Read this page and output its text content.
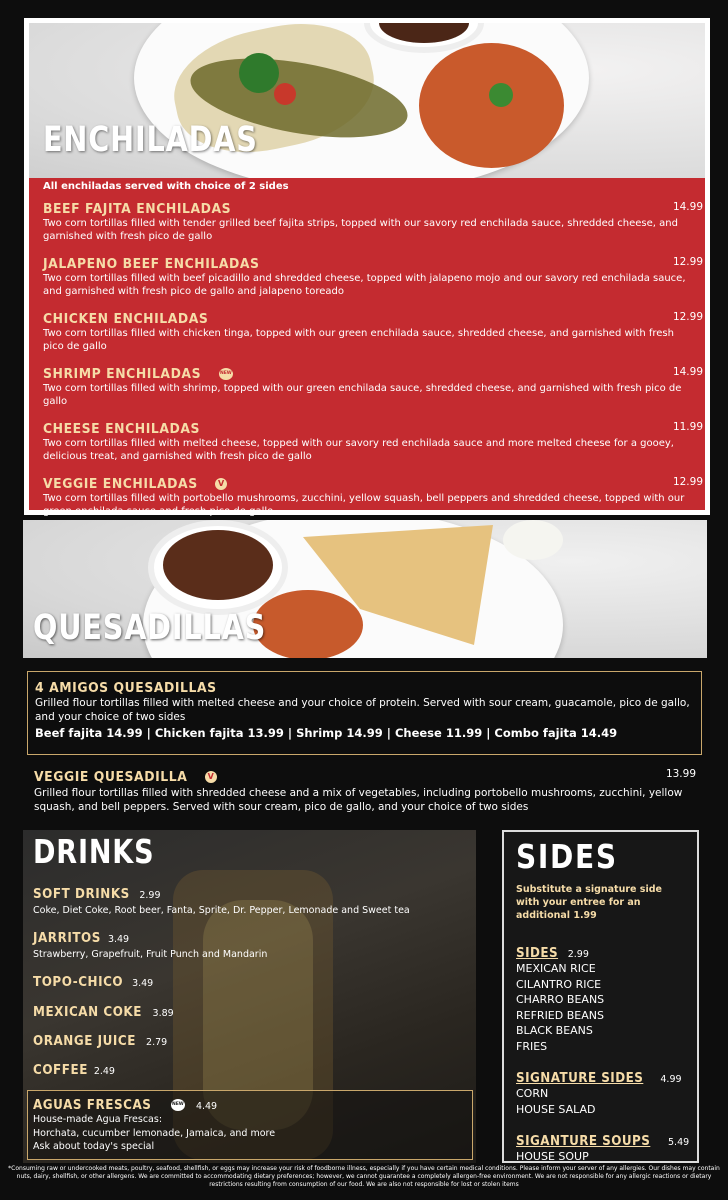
ENCHILADAS
All enchiladas served with choice of 2 sides
BEEF FAJITA ENCHILADAS	14.99
Two corn tortillas filled with tender grilled beef fajita strips, topped with our savory red enchilada sauce, shredded cheese, and garnished with fresh pico de gallo
JALAPENO BEEF ENCHILADAS	12.99
Two corn tortillas filled with beef picadillo and shredded cheese, topped with jalapeno mojo and our savory red enchilada sauce, and garnished with fresh pico de gallo and jalapeno toreado
CHICKEN ENCHILADAS	12.99
Two corn tortillas filled with chicken tinga, topped with our green enchilada sauce, shredded cheese, and garnished with fresh pico de gallo
SHRIMP ENCHILADAS	NEW	14.99
Two corn tortillas filled with shrimp, topped with our green enchilada sauce, shredded cheese, and garnished with fresh pico de gallo
CHEESE ENCHILADAS	11.99
Two corn tortillas filled with melted cheese, topped with our savory red enchilada sauce and more melted cheese for a gooey, delicious treat, and garnished with fresh pico de gallo
VEGGIE ENCHILADAS	V	12.99
Two corn tortillas filled with portobello mushrooms, zucchini, yellow squash, bell peppers and shredded cheese, topped with our green enchilada sauce and fresh pico de gallo
QUESADILLAS
4 AMIGOS QUESADILLAS
Grilled flour tortillas filled with melted cheese and your choice of protein. Served with sour cream, guacamole, pico de gallo, and your choice of two sides
Beef fajita 14.99 | Chicken fajita 13.99 | Shrimp 14.99 | Cheese 11.99 | Combo fajita 14.49
VEGGIE QUESADILLA	V	13.99
Grilled flour tortillas filled with shredded cheese and a mix of vegetables, including portobello mushrooms, zucchini, yellow squash, and bell peppers. Served with sour cream, pico de gallo, and your choice of two sides
DRINKS
SOFT DRINKS 2.99
Coke, Diet Coke, Root beer, Fanta, Sprite, Dr. Pepper, Lemonade and Sweet tea
JARRITOS 3.49
Strawberry, Grapefruit, Fruit Punch and Mandarin
TOPO-CHICO 3.49
MEXICAN COKE 3.89
ORANGE JUICE 2.79
COFFEE 2.49
AGUAS FRESCAS	NEW 4.49
House-made Agua Frescas:
Horchata, cucumber lemonade, Jamaica, and more
Ask about today's special
SIDES
Substitute a signature side with your entree for an additional 1.99
SIDES 2.99
MEXICAN RICE
CILANTRO RICE
CHARRO BEANS
REFRIED BEANS
BLACK BEANS
FRIES
SIGNATURE SIDES 4.99
CORN
HOUSE SALAD
SIGANTURE SOUPS 5.49
HOUSE SOUP
*Consuming raw or undercooked meats, poultry, seafood, shellfish, or eggs may increase your risk of foodborne illness, especially if you have certain medical conditions. Please inform your server of any allergies. Our dishes may contain nuts, dairy, shellfish, or other allergens. We are committed to accommodating dietary preferences; however, we cannot guarantee a completely allergen-free environment. We are not responsible for any allergic reactions or dietary restrictions resulting from consumption of our food. We are also not responsible for lost or stolen items
